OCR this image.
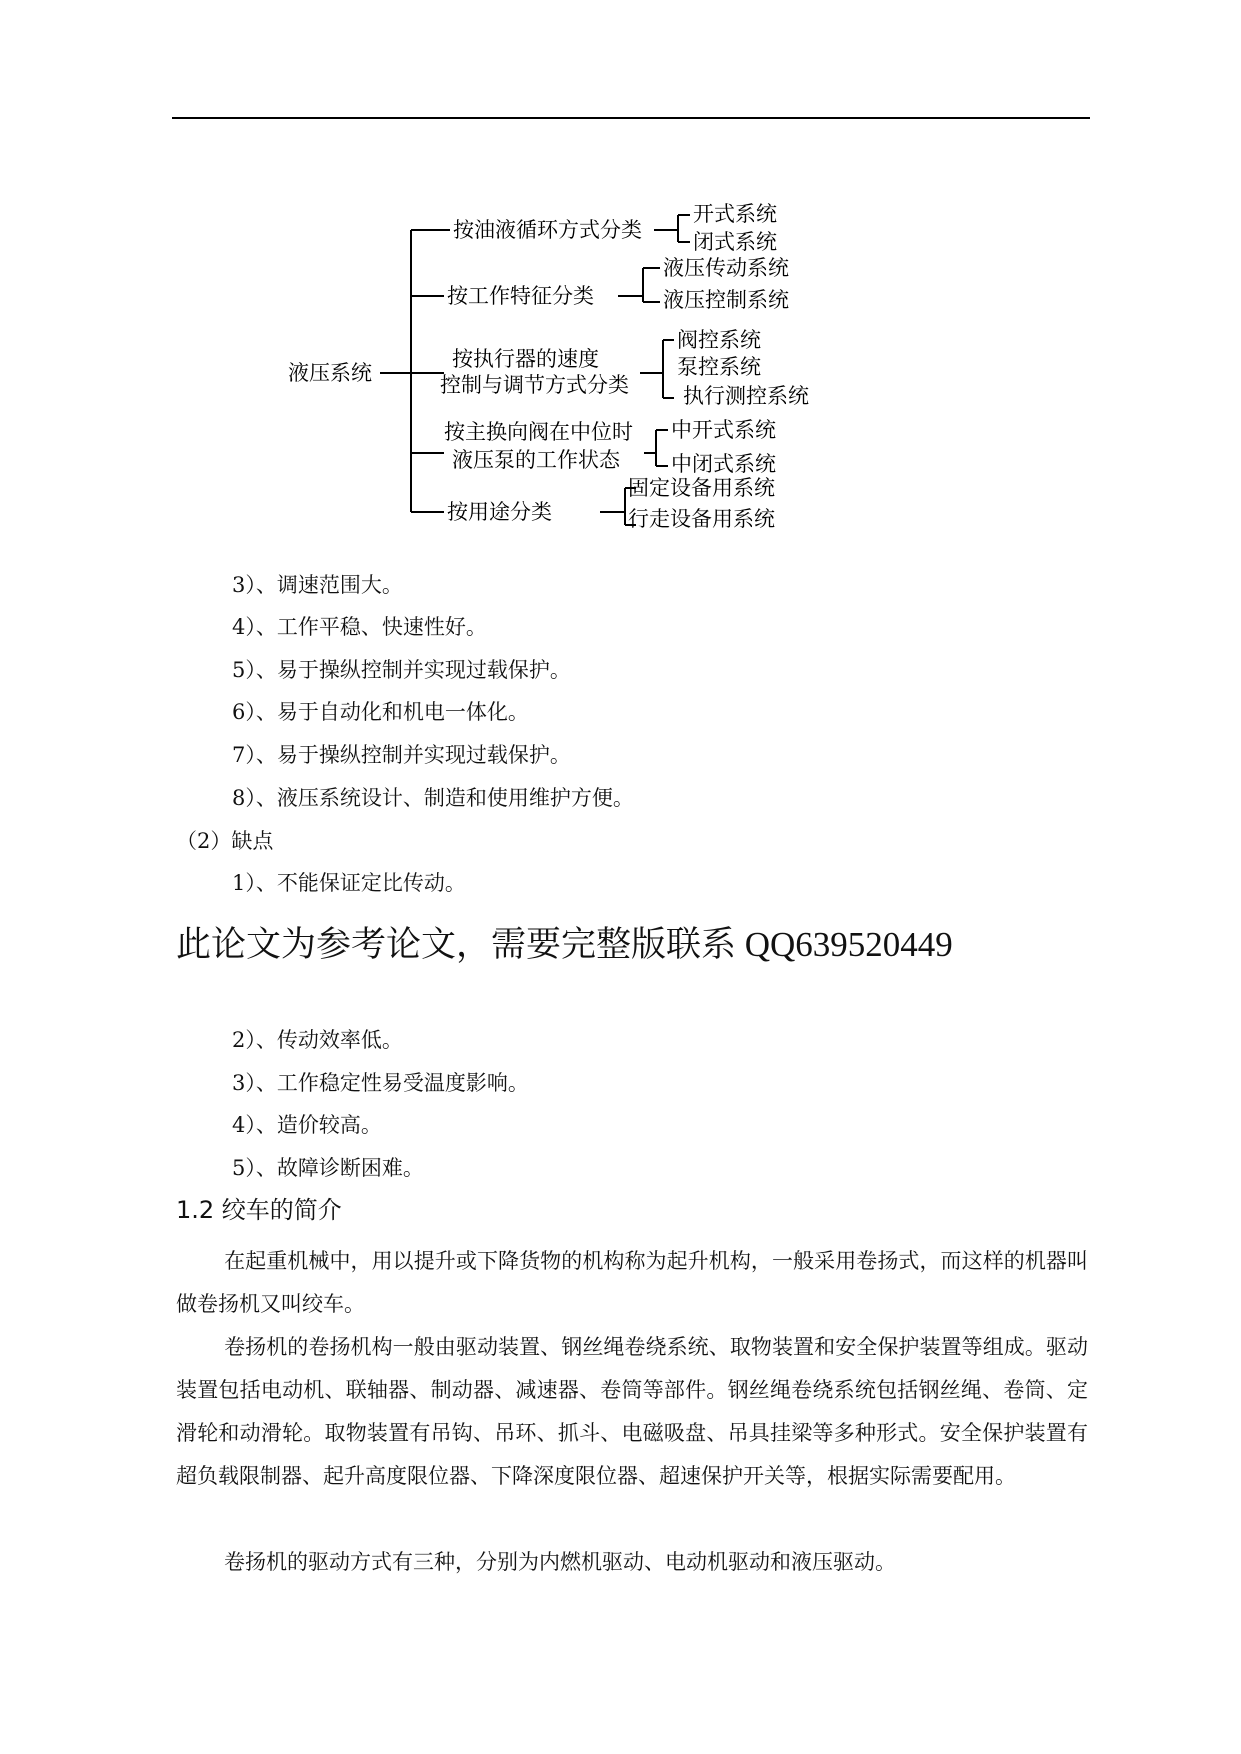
液压系统
按油液循环方式分类
开式系统
闭式系统
按工作特征分类
液压传动系统
液压控制系统
按执行器的速度
控制与调节方式分类
阀控系统
泵控系统
执行测控系统
按主换向阀在中位时
液压泵的工作状态
中开式系统
中闭式系统
按用途分类
固定设备用系统
行走设备用系统
3）、调速范围大。
4）、工作平稳、快速性好。
5）、易于操纵控制并实现过载保护。
6）、易于自动化和机电一体化。
7）、易于操纵控制并实现过载保护。
8）、液压系统设计、制造和使用维护方便。
（2）缺点
1）、不能保证定比传动。
此论文为参考论文，需要完整版联系 QQ639520449
2）、传动效率低。
3）、工作稳定性易受温度影响。
4）、造价较高。
5）、故障诊断困难。
1.2 绞车的简介
在起重机械中，用以提升或下降货物的机构称为起升机构，一般采用卷扬式，而这样的机器叫做卷扬机又叫绞车。
卷扬机的卷扬机构一般由驱动装置、钢丝绳卷绕系统、取物装置和安全保护装置等组成。驱动装置包括电动机、联轴器、制动器、减速器、卷筒等部件。钢丝绳卷绕系统包括钢丝绳、卷筒、定滑轮和动滑轮。取物装置有吊钩、吊环、抓斗、电磁吸盘、吊具挂梁等多种形式。安全保护装置有超负载限制器、起升高度限位器、下降深度限位器、超速保护开关等，根据实际需要配用。
卷扬机的驱动方式有三种，分别为内燃机驱动、电动机驱动和液压驱动。
